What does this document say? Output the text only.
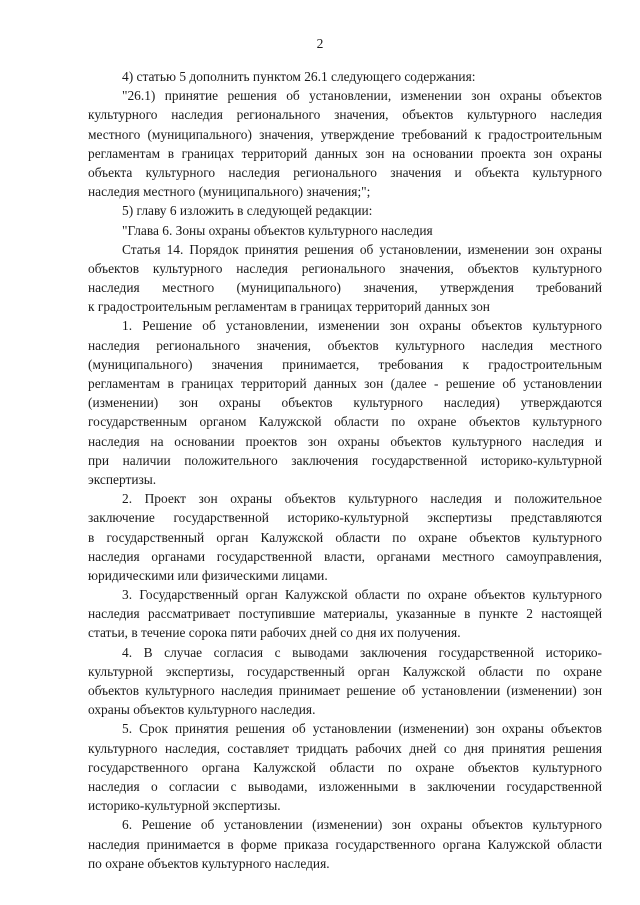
2
4) статью 5 дополнить пунктом 26.1 следующего содержания:
"26.1) принятие решения об установлении, изменении зон охраны объектов
культурного наследия регионального значения, объектов культурного наследия
местного (муниципального) значения, утверждение требований к градостроительным
регламентам в границах территорий данных зон на основании проекта зон охраны
объекта культурного наследия регионального значения и объекта культурного
наследия местного (муниципального) значения;";
5) главу 6 изложить в следующей редакции:
"Глава 6. Зоны охраны объектов культурного наследия
Статья 14. Порядок принятия решения об установлении, изменении зон охраны
объектов культурного наследия регионального значения, объектов культурного
наследия местного (муниципального) значения, утверждения требований
к градостроительным регламентам в границах территорий данных зон
1. Решение об установлении, изменении зон охраны объектов культурного
наследия регионального значения, объектов культурного наследия местного
(муниципального) значения принимается, требования к градостроительным
регламентам в границах территорий данных зон (далее - решение об установлении
(изменении) зон охраны объектов культурного наследия) утверждаются
государственным органом Калужской области по охране объектов культурного
наследия на основании проектов зон охраны объектов культурного наследия и
при наличии положительного заключения государственной историко-культурной
экспертизы.
2. Проект зон охраны объектов культурного наследия и положительное
заключение государственной историко-культурной экспертизы представляются
в государственный орган Калужской области по охране объектов культурного
наследия органами государственной власти, органами местного самоуправления,
юридическими или физическими лицами.
3. Государственный орган Калужской области по охране объектов культурного
наследия рассматривает поступившие материалы, указанные в пункте 2 настоящей
статьи, в течение сорока пяти рабочих дней со дня их получения.
4. В случае согласия с выводами заключения государственной историко-
культурной экспертизы, государственный орган Калужской области по охране
объектов культурного наследия принимает решение об установлении (изменении) зон
охраны объектов культурного наследия.
5. Срок принятия решения об установлении (изменении) зон охраны объектов
культурного наследия, составляет тридцать рабочих дней со дня принятия решения
государственного органа Калужской области по охране объектов культурного
наследия о согласии с выводами, изложенными в заключении государственной
историко-культурной экспертизы.
6. Решение об установлении (изменении) зон охраны объектов культурного
наследия принимается в форме приказа государственного органа Калужской области
по охране объектов культурного наследия.
